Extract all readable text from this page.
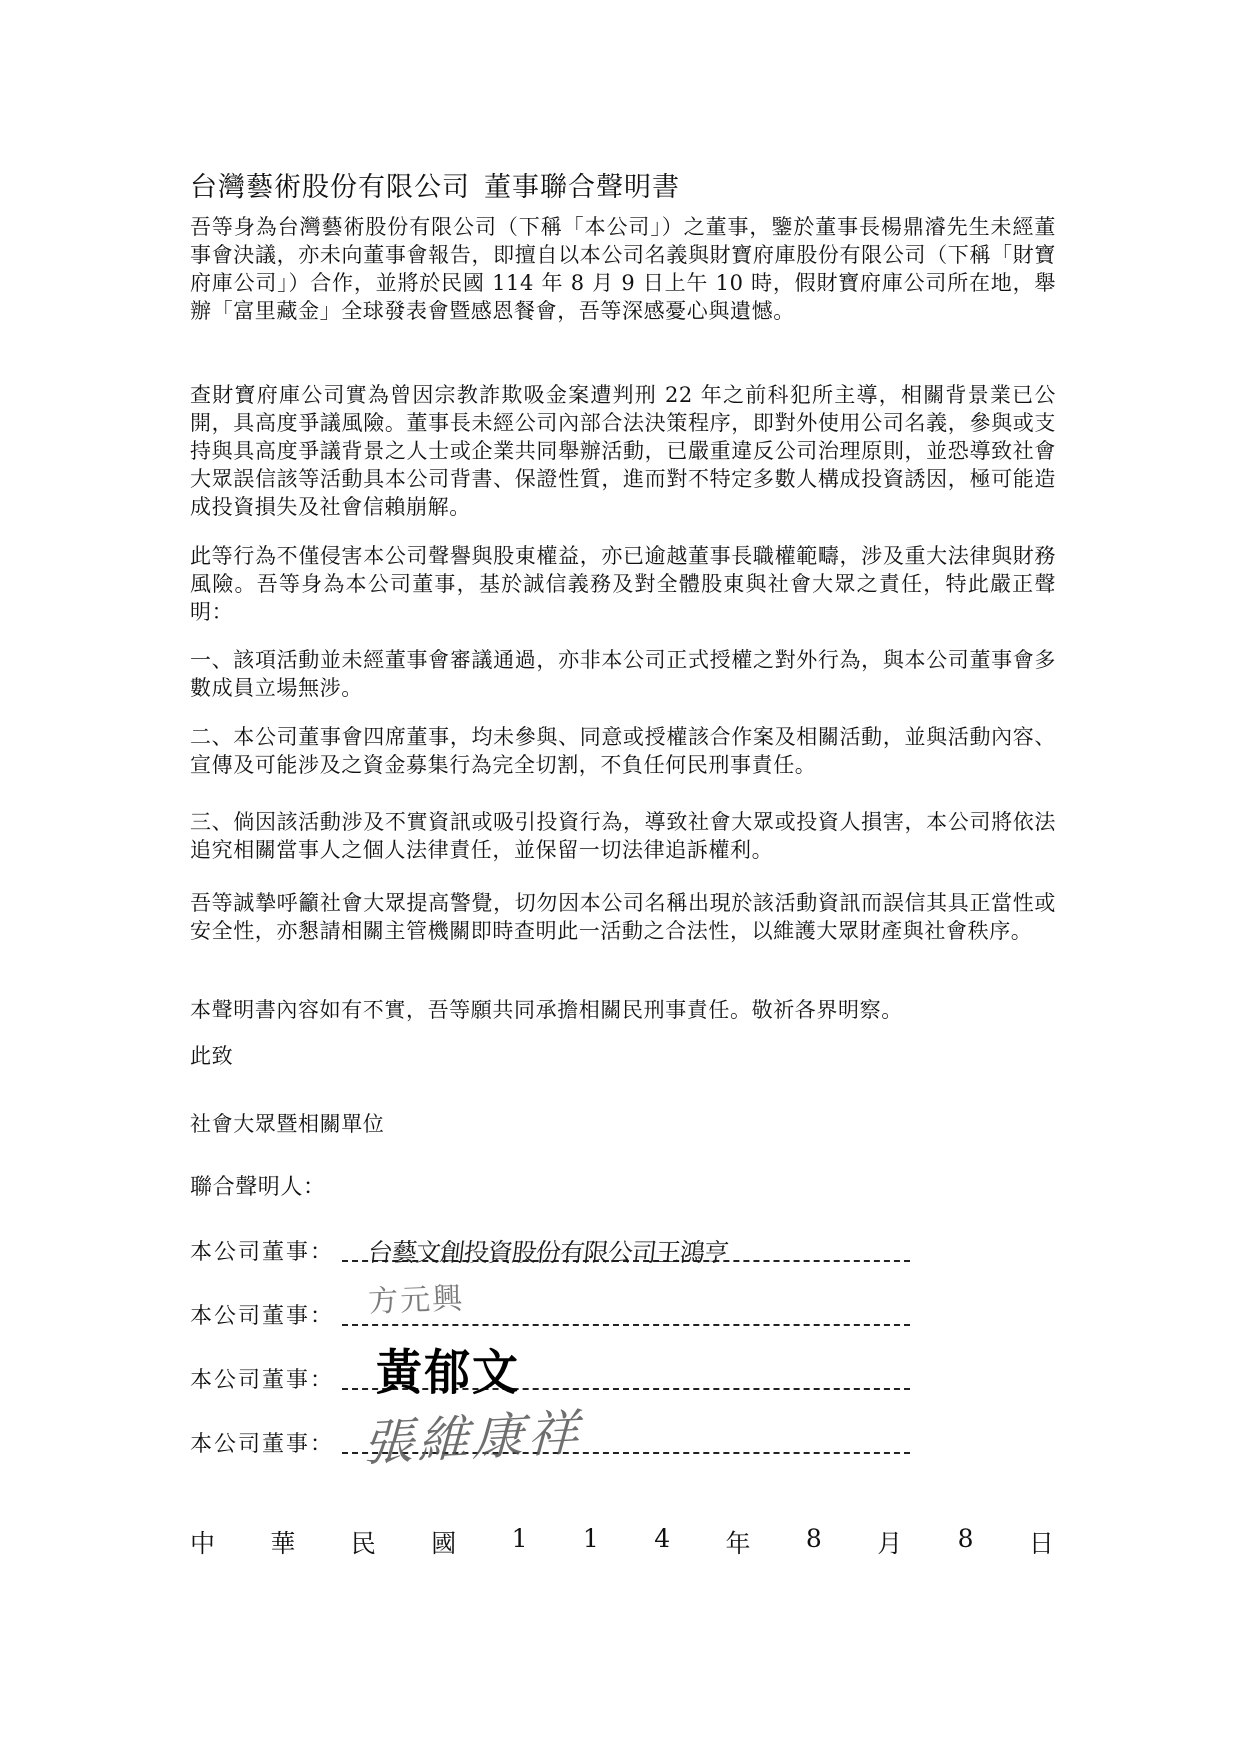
台灣藝術股份有限公司 董事聯合聲明書

吾等身為台灣藝術股份有限公司（下稱「本公司」）之董事，鑒於董事長楊鼎濬先生未經董事會決議，亦未向董事會報告，即擅自以本公司名義與財寶府庫股份有限公司（下稱「財寶府庫公司」）合作，並將於民國 114 年 8 月 9 日上午 10 時，假財寶府庫公司所在地，舉辦「富里藏金」全球發表會暨感恩餐會，吾等深感憂心與遺憾。

查財寶府庫公司實為曾因宗教詐欺吸金案遭判刑 22 年之前科犯所主導，相關背景業已公開，具高度爭議風險。董事長未經公司內部合法決策程序，即對外使用公司名義，參與或支持與具高度爭議背景之人士或企業共同舉辦活動，已嚴重違反公司治理原則，並恐導致社會大眾誤信該等活動具本公司背書、保證性質，進而對不特定多數人構成投資誘因，極可能造成投資損失及社會信賴崩解。

此等行為不僅侵害本公司聲譽與股東權益，亦已逾越董事長職權範疇，涉及重大法律與財務風險。吾等身為本公司董事，基於誠信義務及對全體股東與社會大眾之責任，特此嚴正聲明：

一、該項活動並未經董事會審議通過，亦非本公司正式授權之對外行為，與本公司董事會多數成員立場無涉。

二、本公司董事會四席董事，均未參與、同意或授權該合作案及相關活動，並與活動內容、宣傳及可能涉及之資金募集行為完全切割，不負任何民刑事責任。

三、倘因該活動涉及不實資訊或吸引投資行為，導致社會大眾或投資人損害，本公司將依法追究相關當事人之個人法律責任，並保留一切法律追訴權利。

吾等誠摯呼籲社會大眾提高警覺，切勿因本公司名稱出現於該活動資訊而誤信其具正當性或安全性，亦懇請相關主管機關即時查明此一活動之合法性，以維護大眾財產與社會秩序。

本聲明書內容如有不實，吾等願共同承擔相關民刑事責任。敬祈各界明察。

此致

社會大眾暨相關單位

聯合聲明人：

本公司董事：
本公司董事：
本公司董事：
本公司董事：
台藝文創投資股份有限公司王鴻亨
方元興
黃郁文
張維康祥
中 華 民 國 1 1 4 年 8 月 8 日
